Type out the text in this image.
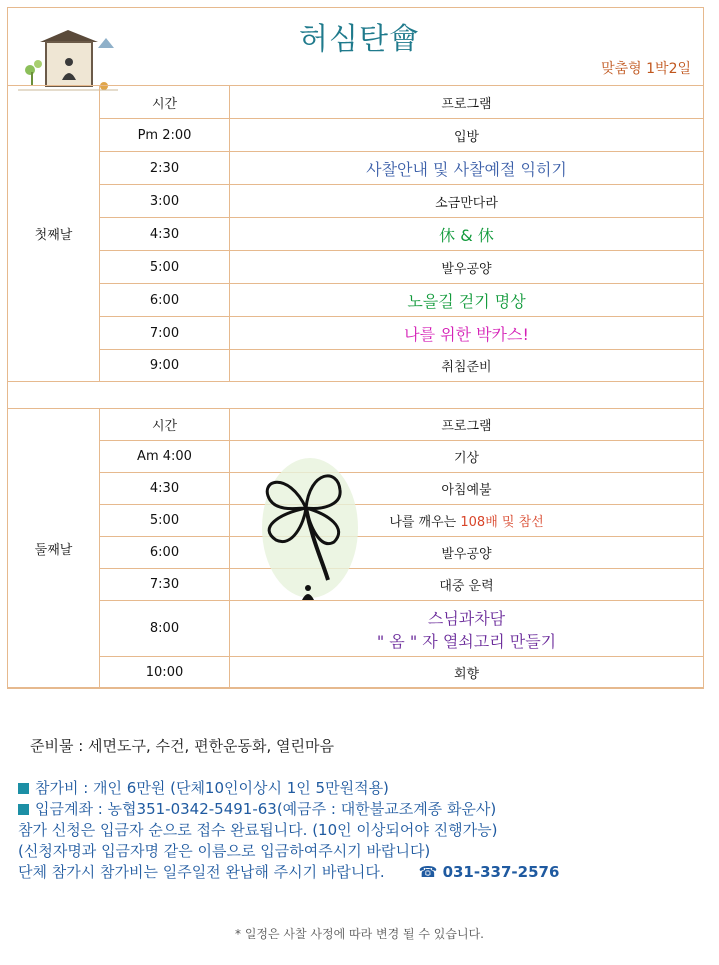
허심탄會
맞춤형 1박2일
첫째날	시간	프로그램
	Pm 2:00	입방
	2:30	사찰안내 및 사찰예절 익히기
	3:00	소금만다라
	4:30	休 & 休
	5:00	발우공양
	6:00	노을길 걷기 명상
	7:00	나를 위한 박카스!
	9:00	취침준비
둘째날	시간	프로그램
	Am 4:00	기상
	4:30	아침예불
	5:00	나를 깨우는 108배 및 참선
	6:00	발우공양
	7:30	대중 운력
	8:00	스님과차담
" 옴 " 자 열쇠고리 만들기

	10:00	회향
준비물 : 세면도구, 수건, 편한운동화, 열린마음
참가비 : 개인 6만원 (단체10인이상시 1인 5만원적용)
입금계좌 : 농협351-0342-5491-63(예금주 : 대한불교조계종 화운사)
참가 신청은 입금자 순으로 접수 완료됩니다. (10인 이상되어야 진행가능)
(신청자명과 입금자명 같은 이름으로 입금하여주시기 바랍니다)
단체 참가시 참가비는 일주일전 완납해 주시기 바랍니다. ☎ 031-337-2576
* 일정은 사찰 사정에 따라 변경 될 수 있습니다.
